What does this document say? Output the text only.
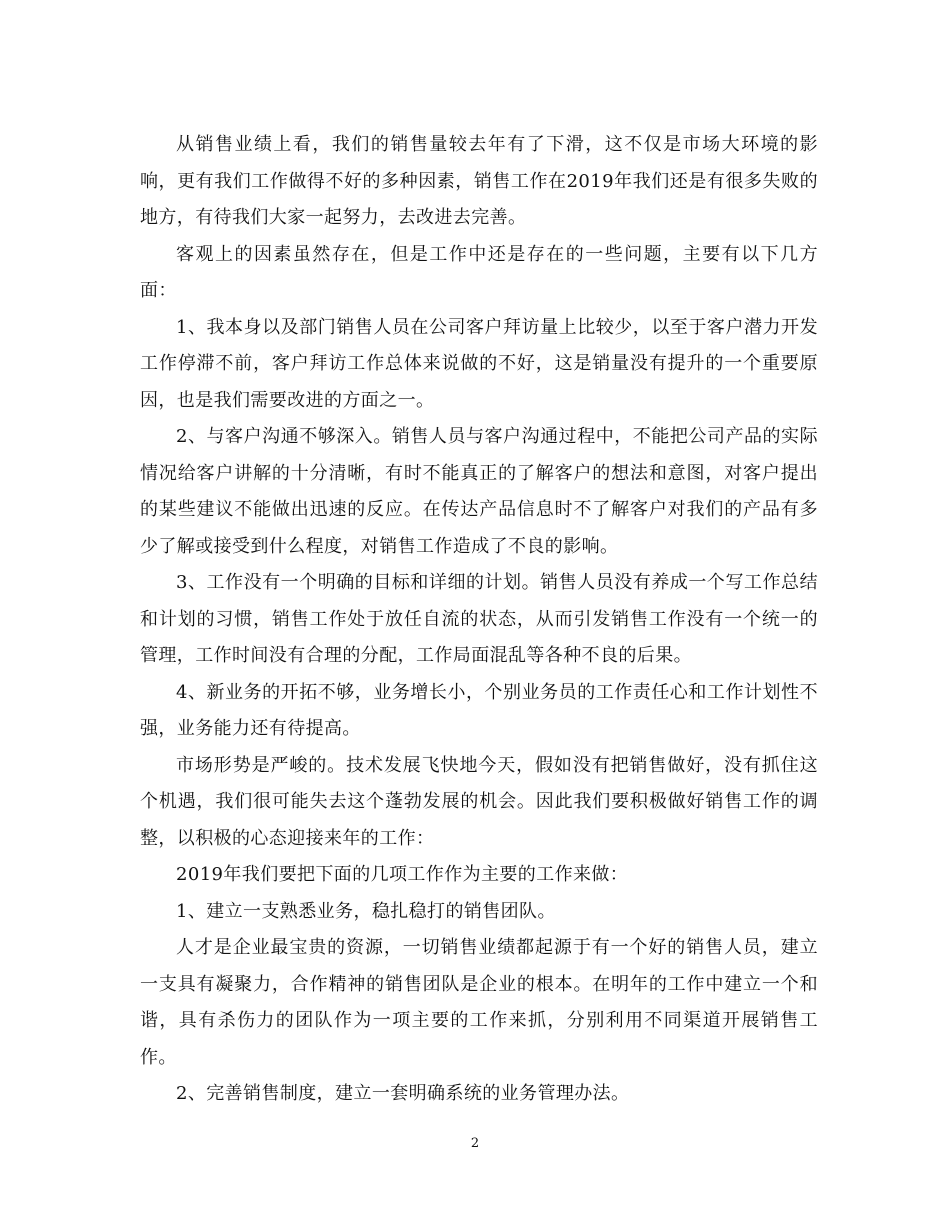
从销售业绩上看，我们的销售量较去年有了下滑，这不仅是市场大环境的影响，更有我们工作做得不好的多种因素，销售工作在2019年我们还是有很多失败的地方，有待我们大家一起努力，去改进去完善。

客观上的因素虽然存在，但是工作中还是存在的一些问题，主要有以下几方面：

1、我本身以及部门销售人员在公司客户拜访量上比较少，以至于客户潜力开发工作停滞不前，客户拜访工作总体来说做的不好，这是销量没有提升的一个重要原因，也是我们需要改进的方面之一。

2、与客户沟通不够深入。销售人员与客户沟通过程中，不能把公司产品的实际情况给客户讲解的十分清晰，有时不能真正的了解客户的想法和意图，对客户提出的某些建议不能做出迅速的反应。在传达产品信息时不了解客户对我们的产品有多少了解或接受到什么程度，对销售工作造成了不良的影响。

3、工作没有一个明确的目标和详细的计划。销售人员没有养成一个写工作总结和计划的习惯，销售工作处于放任自流的状态，从而引发销售工作没有一个统一的管理，工作时间没有合理的分配，工作局面混乱等各种不良的后果。

4、新业务的开拓不够，业务增长小，个别业务员的工作责任心和工作计划性不强，业务能力还有待提高。

市场形势是严峻的。技术发展飞快地今天，假如没有把销售做好，没有抓住这个机遇，我们很可能失去这个蓬勃发展的机会。因此我们要积极做好销售工作的调整，以积极的心态迎接来年的工作：

2019年我们要把下面的几项工作作为主要的工作来做：

1、建立一支熟悉业务，稳扎稳打的销售团队。

人才是企业最宝贵的资源，一切销售业绩都起源于有一个好的销售人员，建立一支具有凝聚力，合作精神的销售团队是企业的根本。在明年的工作中建立一个和谐，具有杀伤力的团队作为一项主要的工作来抓，分别利用不同渠道开展销售工作。

2、完善销售制度，建立一套明确系统的业务管理办法。

2
